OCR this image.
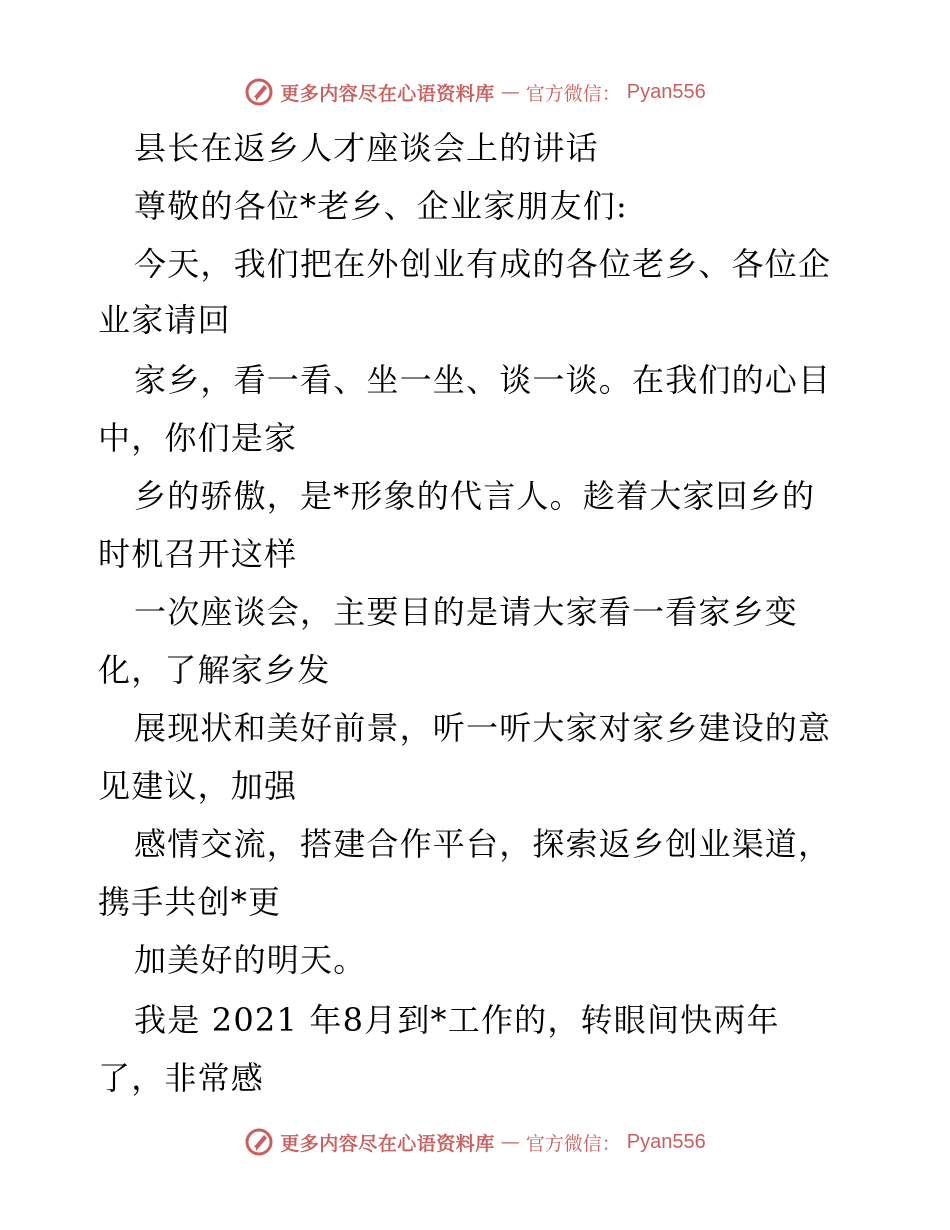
更多内容尽在心语资料库 — 官方微信： Pyan556
县长在返乡人才座谈会上的讲话
尊敬的各位*老乡、企业家朋友们:
今天，我们把在外创业有成的各位老乡、各位企
业家请回
家乡，看一看、坐一坐、谈一谈。在我们的心目
中，你们是家
乡的骄傲，是*形象的代言人。趁着大家回乡的
时机召开这样
一次座谈会，主要目的是请大家看一看家乡变
化，了解家乡发
展现状和美好前景，听一听大家对家乡建设的意
见建议，加强
感情交流，搭建合作平台，探索返乡创业渠道，
携手共创*更
加美好的明天。
我是 2021 年8月到*工作的，转眼间快两年
了，非常感
更多内容尽在心语资料库 — 官方微信： Pyan556
